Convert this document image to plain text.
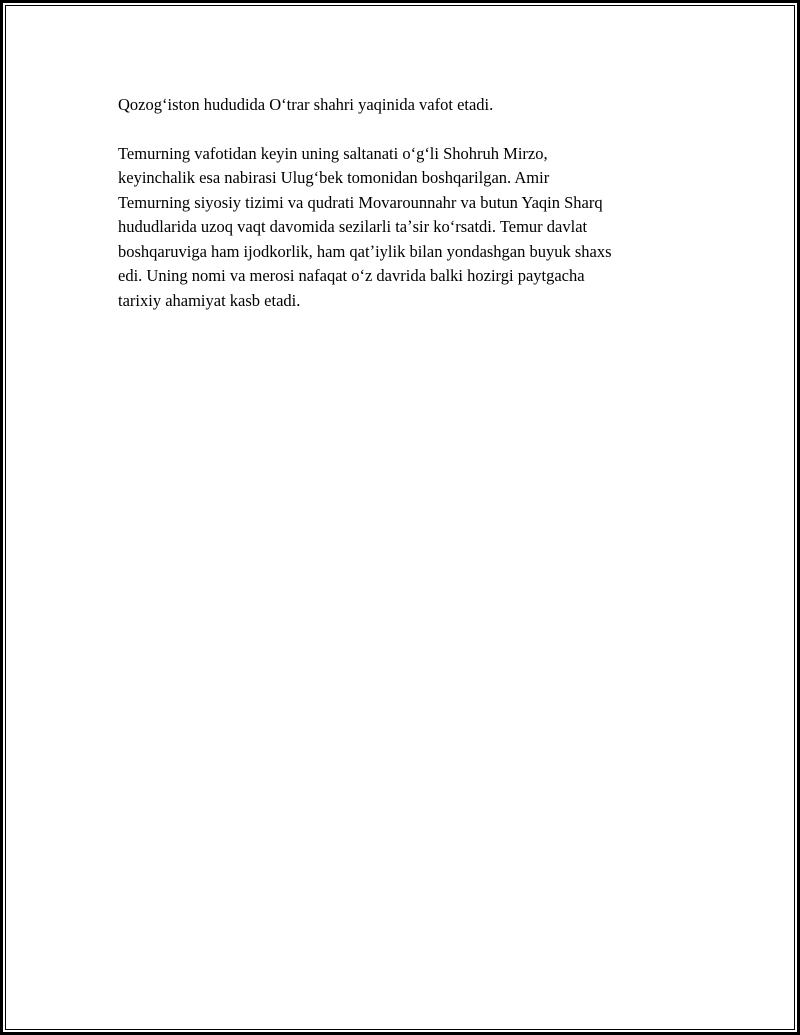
Qozogʻiston hududida Oʻtrar shahri yaqinida vafot etadi.

Temurning vafotidan keyin uning saltanati oʻgʻli Shohruh Mirzo,
keyinchalik esa nabirasi Ulugʻbek tomonidan boshqarilgan. Amir
Temurning siyosiy tizimi va qudrati Movarounnahr va butun Yaqin Sharq
hududlarida uzoq vaqt davomida sezilarli taʼsir koʻrsatdi. Temur davlat
boshqaruviga ham ijodkorlik, ham qatʼiylik bilan yondashgan buyuk shaxs
edi. Uning nomi va merosi nafaqat oʻz davrida balki hozirgi paytgacha
tarixiy ahamiyat kasb etadi.
